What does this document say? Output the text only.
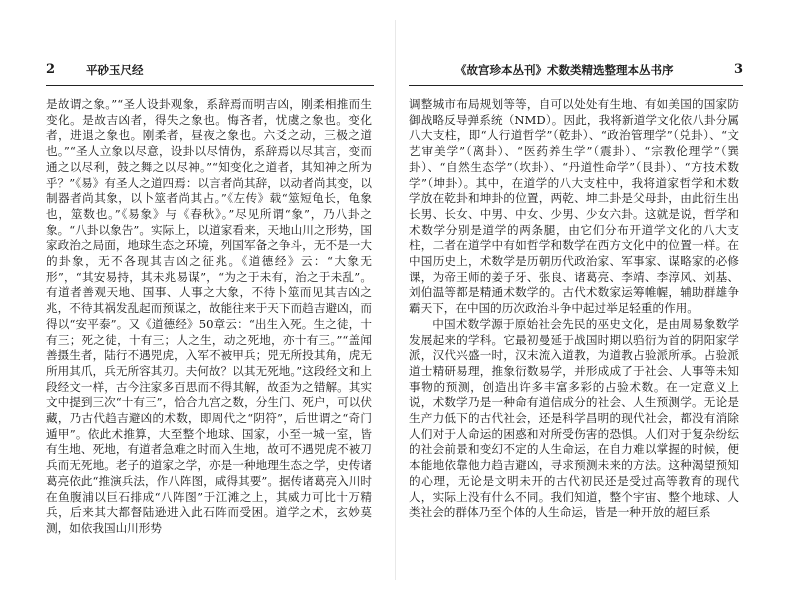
2	平砂玉尺经

是故谓之象。”“圣人设卦观象，系辞焉而明吉凶，刚柔相推而生变化。是故吉凶者，得失之象也。悔吝者，忧虞之象也。变化者，进退之象也。刚柔者，昼夜之象也。六爻之动，三极之道也。”“圣人立象以尽意，设卦以尽情伪，系辞焉以尽其言，变而通之以尽利，鼓之舞之以尽神。”“知变化之道者，其知神之所为乎？”《易》有圣人之道四焉：以言者尚其辞，以动者尚其变，以制器者尚其象，以卜筮者尚其占。”《左传》载“筮短龟长，龟象也，筮数也。”《易象》与《春秋》。”尽见所谓“象”，乃八卦之象。“八卦以象告”。实际上，以道家看来，天地山川之形势，国家政治之局面，地球生态之环境，列国军备之争斗，无不是一大的卦象，无不各现其吉凶之征兆。《道德经》云：“大象无形”，“其安易持，其未兆易谋”，“为之于未有，治之于未乱”。有道者善观天地、国事、人事之大象，不待卜筮而见其吉凶之兆，不待其祸发乱起而预谋之，故能往来于天下而趋吉避凶，而得以“安平泰”。又《道德经》50章云：“出生入死。生之徒，十有三；死之徒，十有三；人之生，动之死地，亦十有三。”“盖闻善摄生者，陆行不遇兕虎，入军不被甲兵；兕无所投其角，虎无所用其爪，兵无所容其刃。夫何故？以其无死地。”这段经文和上段经文一样，古今注家多百思而不得其解，故歪为之错解。其实文中提到三次“十有三”，恰合九宫之数，分生门、死户，可以伏藏，乃古代趋吉避凶的术数，即周代之“阴符”，后世谓之“奇门遁甲”。依此术推算，大至整个地球、国家，小至一城一室，皆有生地、死地，有道者急难之时而入生地，故可不遇兕虎不被刀兵而无死地。老子的道家之学，亦是一种地理生态之学，史传诸葛亮依此“推演兵法，作八阵图，咸得其要”。据传诸葛亮入川时在鱼腹浦以巨石排成“八阵图”于江滩之上，其威力可比十万精兵，后来其大都督陆逊进入此石阵而受困。道学之术，玄妙莫测，如依我国山川形势

《故宫珍本丛刊》术数类精选整理本丛书序	3

调整城市布局规划等等，自可以处处有生地、有如美国的国家防御战略反导弹系统（NMD）。因此，我将新道学文化依八卦分属八大支柱，即“人行道哲学”（乾卦）、“政治管理学”（兑卦）、“文艺审美学”（离卦）、“医药养生学”（震卦）、“宗教伦理学”（巽卦）、“自然生态学”（坎卦）、“丹道性命学”（艮卦）、“方技术数学”（坤卦）。其中，在道学的八大支柱中，我将道家哲学和术数学放在乾卦和坤卦的位置，两乾、坤二卦是父母卦，由此衍生出长男、长女、中男、中女、少男、少女六卦。这就是说，哲学和术数学分别是道学的两条腿，由它们分布开道学文化的八大支柱，二者在道学中有如哲学和数学在西方文化中的位置一样。在中国历史上，术数学是历朝历代政治家、军事家、谋略家的必修课，为帝王师的姜子牙、张良、诸葛亮、李靖、李淳风、刘基、刘伯温等都是精通术数学的。古代术数家运筹帷幄，辅助群雄争霸天下，在中国的历次政治斗争中起过举足轻重的作用。

中国术数学源于原始社会先民的巫史文化，是由周易象数学发展起来的学科。它最初曼延于战国时期以驺衍为首的阴阳家学派，汉代兴盛一时，汉末流入道教，为道教占验派所承。占验派道士精研易理，推象衍数易学，并形成成了于社会、人事等未知事物的预测，创造出许多丰富多彩的占验术数。在一定意义上说，术数学乃是一种命有道信成分的社会、人生预测学。无论是生产力低下的古代社会，还是科学昌明的现代社会，都没有消除人们对于人命运的困惑和对所受伤害的恐惧。人们对于复杂纷纭的社会前景和变幻不定的人生命运，在自力难以掌握的时候，便本能地依靠他力趋吉避凶，寻求预测未来的方法。这种渴望预知的心理，无论是文明未开的古代初民还是受过高等教育的现代人，实际上没有什么不同。我们知道，整个宇宙、整个地球、人类社会的群体乃至个体的人生命运，皆是一种开放的超巨系
